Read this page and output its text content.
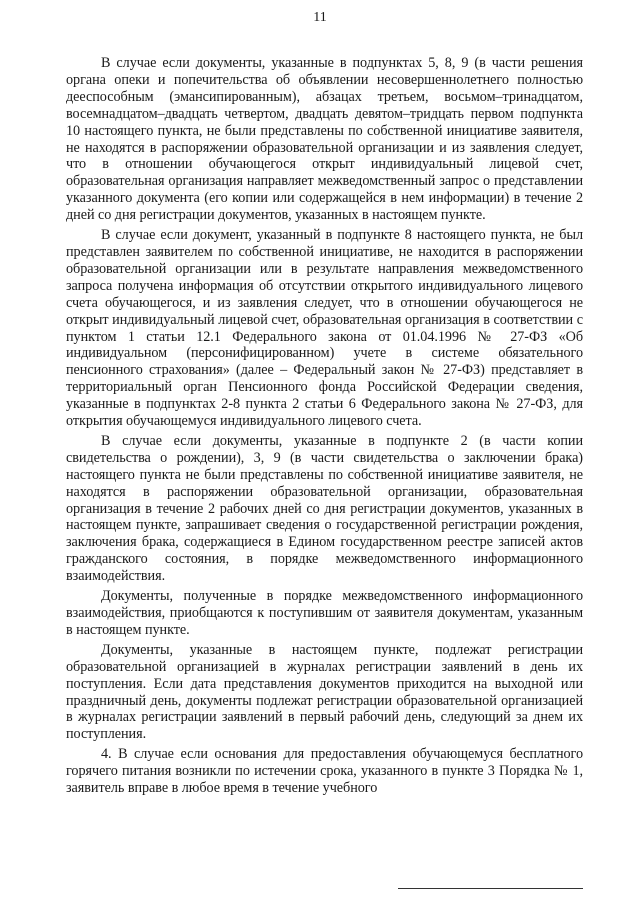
11

В случае если документы, указанные в подпунктах 5, 8, 9 (в части решения органа опеки и попечительства об объявлении несовершеннолетнего полностью дееспособным (эмансипированным), абзацах третьем, восьмом–тринадцатом, восемнадцатом–двадцать четвертом, двадцать девятом–тридцать первом подпункта 10 настоящего пункта, не были представлены по собственной инициативе заявителя, не находятся в распоряжении образовательной организации и из заявления следует, что в отношении обучающегося открыт индивидуальный лицевой счет, образовательная организация направляет межведомственный запрос о представлении указанного документа (его копии или содержащейся в нем информации) в течение 2 дней со дня регистрации документов, указанных в настоящем пункте.

В случае если документ, указанный в подпункте 8 настоящего пункта, не был представлен заявителем по собственной инициативе, не находится в распоряжении образовательной организации или в результате направления межведомственного запроса получена информация об отсутствии открытого индивидуального лицевого счета обучающегося, и из заявления следует, что в отношении обучающегося не открыт индивидуальный лицевой счет, образовательная организация в соответствии с пунктом 1 статьи 12.1 Федерального закона от 01.04.1996 № 27-ФЗ «Об индивидуальном (персонифицированном) учете в системе обязательного пенсионного страхования» (далее – Федеральный закон № 27-ФЗ) представляет в территориальный орган Пенсионного фонда Российской Федерации сведения, указанные в подпунктах 2-8 пункта 2 статьи 6 Федерального закона № 27-ФЗ, для открытия обучающемуся индивидуального лицевого счета.

В случае если документы, указанные в подпункте 2 (в части копии свидетельства о рождении), 3, 9 (в части свидетельства о заключении брака) настоящего пункта не были представлены по собственной инициативе заявителя, не находятся в распоряжении образовательной организации, образовательная организация в течение 2 рабочих дней со дня регистрации документов, указанных в настоящем пункте, запрашивает сведения о государственной регистрации рождения, заключения брака, содержащиеся в Едином государственном реестре записей актов гражданского состояния, в порядке межведомственного информационного взаимодействия.

Документы, полученные в порядке межведомственного информационного взаимодействия, приобщаются к поступившим от заявителя документам, указанным в настоящем пункте.

Документы, указанные в настоящем пункте, подлежат регистрации образовательной организацией в журналах регистрации заявлений в день их поступления. Если дата представления документов приходится на выходной или праздничный день, документы подлежат регистрации образовательной организацией в журналах регистрации заявлений в первый рабочий день, следующий за днем их поступления.

4. В случае если основания для предоставления обучающемуся бесплатного горячего питания возникли по истечении срока, указанного в пункте 3 Порядка № 1, заявитель вправе в любое время в течение учебного
